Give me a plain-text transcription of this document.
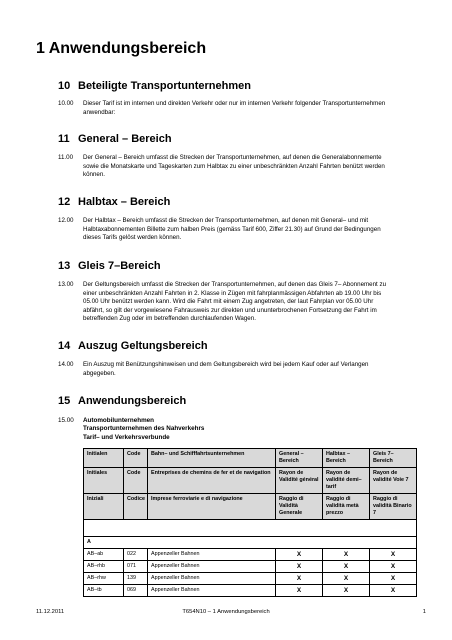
1 Anwendungsbereich
10 Beteiligte Transportunternehmen
10.00	Dieser Tarif ist im internen und direkten Verkehr oder nur im internen Verkehr folgender Transportunternehmen
anwendbar:
11 General – Bereich
11.00	Der General – Bereich umfasst die Strecken der Transportunternehmen, auf denen die Generalabonnemente
sowie die Monatskarte und Tageskarten zum Halbtax zu einer unbeschränkten Anzahl Fahrten benützt werden
können.
12 Halbtax – Bereich
12.00	Der Halbtax – Bereich umfasst die Strecken der Transportunternehmen, auf denen mit General– und mit
Halbtaxabonnementen Billette zum halben Preis (gemäss Tarif 600, Ziffer 21.30) auf Grund der Bedingungen
dieses Tarifs gelöst werden können.
13 Gleis 7–Bereich
13.00	Der Geltungsbereich umfasst die Strecken der Transportunternehmen, auf denen das Gleis 7– Abonnement zu
einer unbeschränkten Anzahl Fahrten in 2. Klasse in Zügen mit fahrplanmässigen Abfahrten ab 19.00 Uhr bis
05.00 Uhr benützt werden kann. Wird die Fahrt mit einem Zug angetreten, der laut Fahrplan vor 05.00 Uhr
abfährt, so gilt der vorgewiesene Fahrausweis zur direkten und ununterbrochenen Fortsetzung der Fahrt im
betreffenden Zug oder im betreffenden durchlaufenden Wagen.
14 Auszug Geltungsbereich
14.00	Ein Auszug mit Benützungshinweisen und dem Geltungsbereich wird bei jedem Kauf oder auf Verlangen
abgegeben.
15 Anwendungsbereich
15.00 Automobilunternehmen
Transportunternehmen des Nahverkehrs
Tarif– und Verkehrsverbunde
Initialen	Code	Bahn– und Schifffahrtsunternehmen	General – Bereich	Halbtax – Bereich	Gleis 7–Bereich
Initiales	Code	Entreprises de chemins de fer et de navigation	Rayon de Validité général	Rayon de validité demi–tarif	Rayon de validité Voie 7
Iniziali	Codice	Imprese ferroviarie e di navigazione	Raggio di Validità Generale	Raggio di validità metà prezzo	Raggio di validità Binario 7

A					
AB–ab	022	Appenzeller Bahnen	X	X	X
AB–rhb	071	Appenzeller Bahnen	X	X	X
AB–rhw	139	Appenzeller Bahnen	X	X	X
AB–tb	069	Appenzeller Bahnen	X	X	X
11.12.2011	T654N10 – 1 Anwendungsbereich	1
